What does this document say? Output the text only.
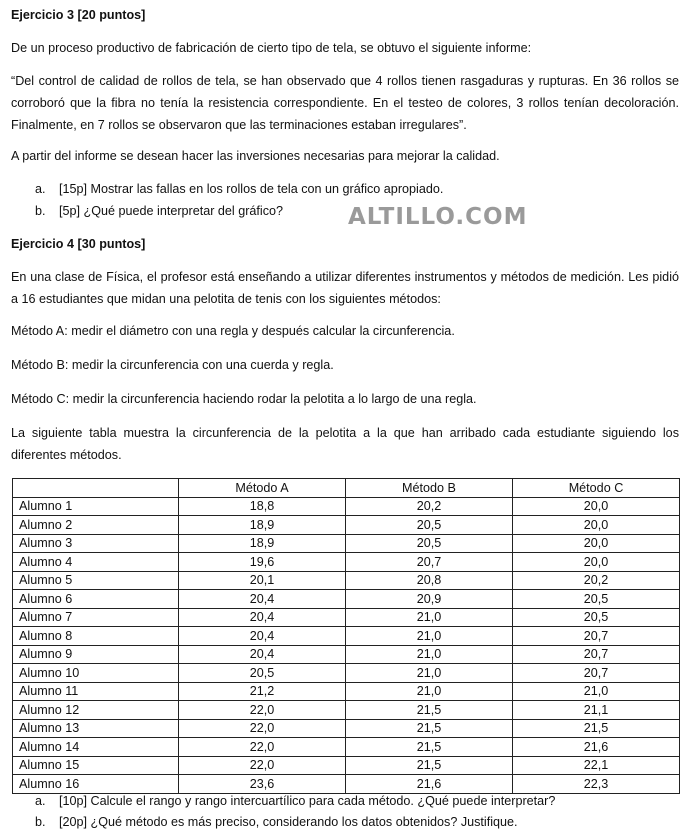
Ejercicio 3 [20 puntos]

De un proceso productivo de fabricación de cierto tipo de tela, se obtuvo el siguiente informe:

“Del control de calidad de rollos de tela, se han observado que 4 rollos tienen rasgaduras y rupturas. En 36 rollos se corroboró que la fibra no tenía la resistencia correspondiente. En el testeo de colores, 3 rollos tenían decoloración. Finalmente, en 7 rollos se observaron que las terminaciones estaban irregulares”.

A partir del informe se desean hacer las inversiones necesarias para mejorar la calidad.

a. [15p] Mostrar las fallas en los rollos de tela con un gráfico apropiado.

b. [5p] ¿Qué puede interpretar del gráfico?	ALTILLO.COM

Ejercicio 4 [30 puntos]

En una clase de Física, el profesor está enseñando a utilizar diferentes instrumentos y métodos de medición. Les pidió a 16 estudiantes que midan una pelotita de tenis con los siguientes métodos:

Método A: medir el diámetro con una regla y después calcular la circunferencia.

Método B: medir la circunferencia con una cuerda y regla.

Método C: medir la circunferencia haciendo rodar la pelotita a lo largo de una regla.

La siguiente tabla muestra la circunferencia de la pelotita a la que han arribado cada estudiante siguiendo los diferentes métodos.

	Método A	Método B	Método C
Alumno 1	18,8	20,2	20,0
Alumno 2	18,9	20,5	20,0
Alumno 3	18,9	20,5	20,0
Alumno 4	19,6	20,7	20,0
Alumno 5	20,1	20,8	20,2
Alumno 6	20,4	20,9	20,5
Alumno 7	20,4	21,0	20,5
Alumno 8	20,4	21,0	20,7
Alumno 9	20,4	21,0	20,7
Alumno 10	20,5	21,0	20,7
Alumno 11	21,2	21,0	21,0
Alumno 12	22,0	21,5	21,1
Alumno 13	22,0	21,5	21,5
Alumno 14	22,0	21,5	21,6
Alumno 15	22,0	21,5	22,1
Alumno 16	23,6	21,6	22,3

a. [10p] Calcule el rango y rango intercuartílico para cada método. ¿Qué puede interpretar?

b. [20p] ¿Qué método es más preciso, considerando los datos obtenidos? Justifique.
